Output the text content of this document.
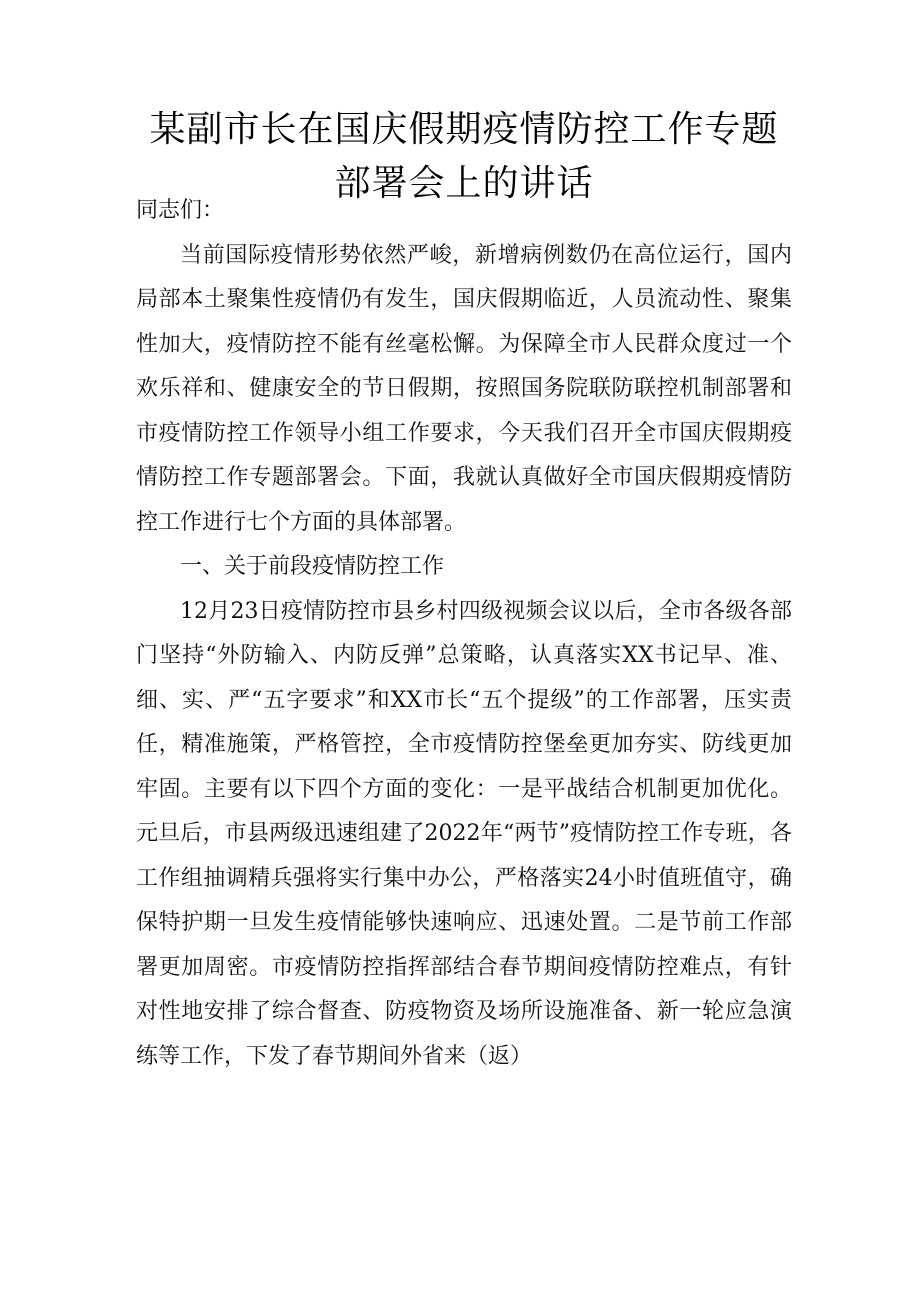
某副市长在国庆假期疫情防控工作专题
部署会上的讲话

同志们：

当前国际疫情形势依然严峻，新增病例数仍在高位运行，国内局部本土聚集性疫情仍有发生，国庆假期临近，人员流动性、聚集性加大，疫情防控不能有丝毫松懈。为保障全市人民群众度过一个欢乐祥和、健康安全的节日假期，按照国务院联防联控机制部署和市疫情防控工作领导小组工作要求，今天我们召开全市国庆假期疫情防控工作专题部署会。下面，我就认真做好全市国庆假期疫情防控工作进行七个方面的具体部署。

一、关于前段疫情防控工作

12月23日疫情防控市县乡村四级视频会议以后，全市各级各部门坚持“外防输入、内防反弹”总策略，认真落实XX书记早、准、细、实、严“五字要求”和XX市长“五个提级”的工作部署，压实责任，精准施策，严格管控，全市疫情防控堡垒更加夯实、防线更加牢固。主要有以下四个方面的变化：一是平战结合机制更加优化。元旦后，市县两级迅速组建了2022年“两节”疫情防控工作专班，各工作组抽调精兵强将实行集中办公，严格落实24小时值班值守，确保特护期一旦发生疫情能够快速响应、迅速处置。二是节前工作部署更加周密。市疫情防控指挥部结合春节期间疫情防控难点，有针对性地安排了综合督查、防疫物资及场所设施准备、新一轮应急演练等工作，下发了春节期间外省来（返）
